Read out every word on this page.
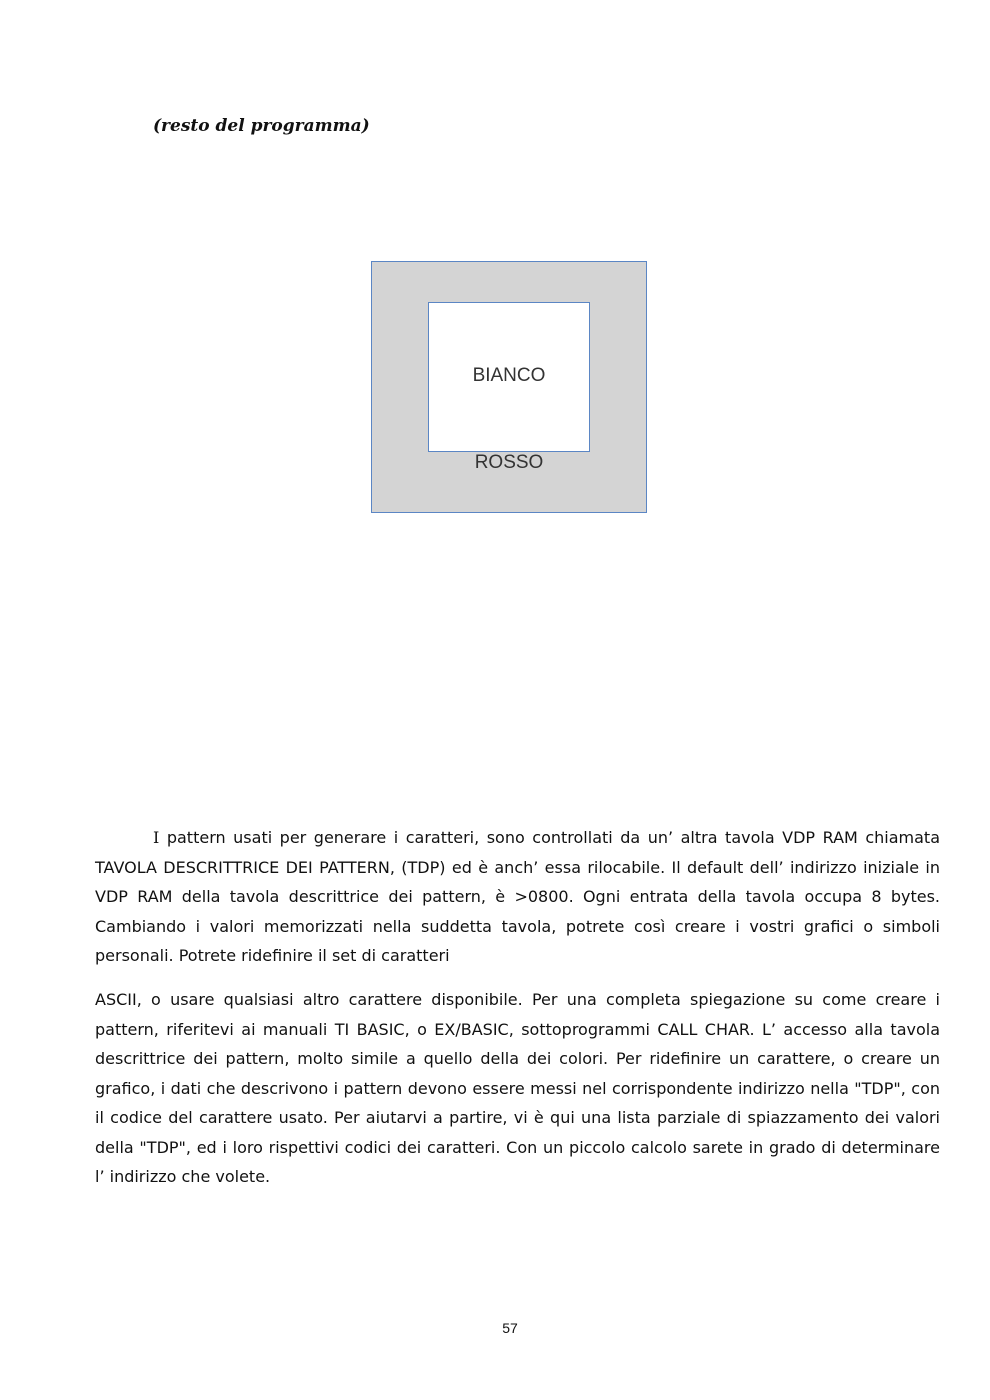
(resto del programma)

BIANCO
ROSSO

I pattern usati per generare i caratteri, sono controllati da un’ altra tavola VDP RAM chiamata TAVOLA DESCRITTRICE DEI PATTERN, (TDP) ed è anch’ essa rilocabile. Il default dell’ indirizzo iniziale in VDP RAM della tavola descrittrice dei pattern, è >0800. Ogni entrata della tavola occupa 8 bytes. Cambiando i valori memorizzati nella suddetta tavola, potrete così creare i vostri grafici o simboli personali. Potrete ridefinire il set di caratteri

ASCII, o usare qualsiasi altro carattere disponibile. Per una completa spiegazione su come creare i pattern, riferitevi ai manuali TI BASIC, o EX/BASIC, sottoprogrammi CALL CHAR. L’ accesso alla tavola descrittrice dei pattern, molto simile a quello della dei colori. Per ridefinire un carattere, o creare un grafico, i dati che descrivono i pattern devono essere messi nel corrispondente indirizzo nella "TDP", con il codice del carattere usato. Per aiutarvi a partire, vi è qui una lista parziale di spiazzamento dei valori della "TDP", ed i loro rispettivi codici dei caratteri. Con un piccolo calcolo sarete in grado di determinare l’ indirizzo che volete.

57
